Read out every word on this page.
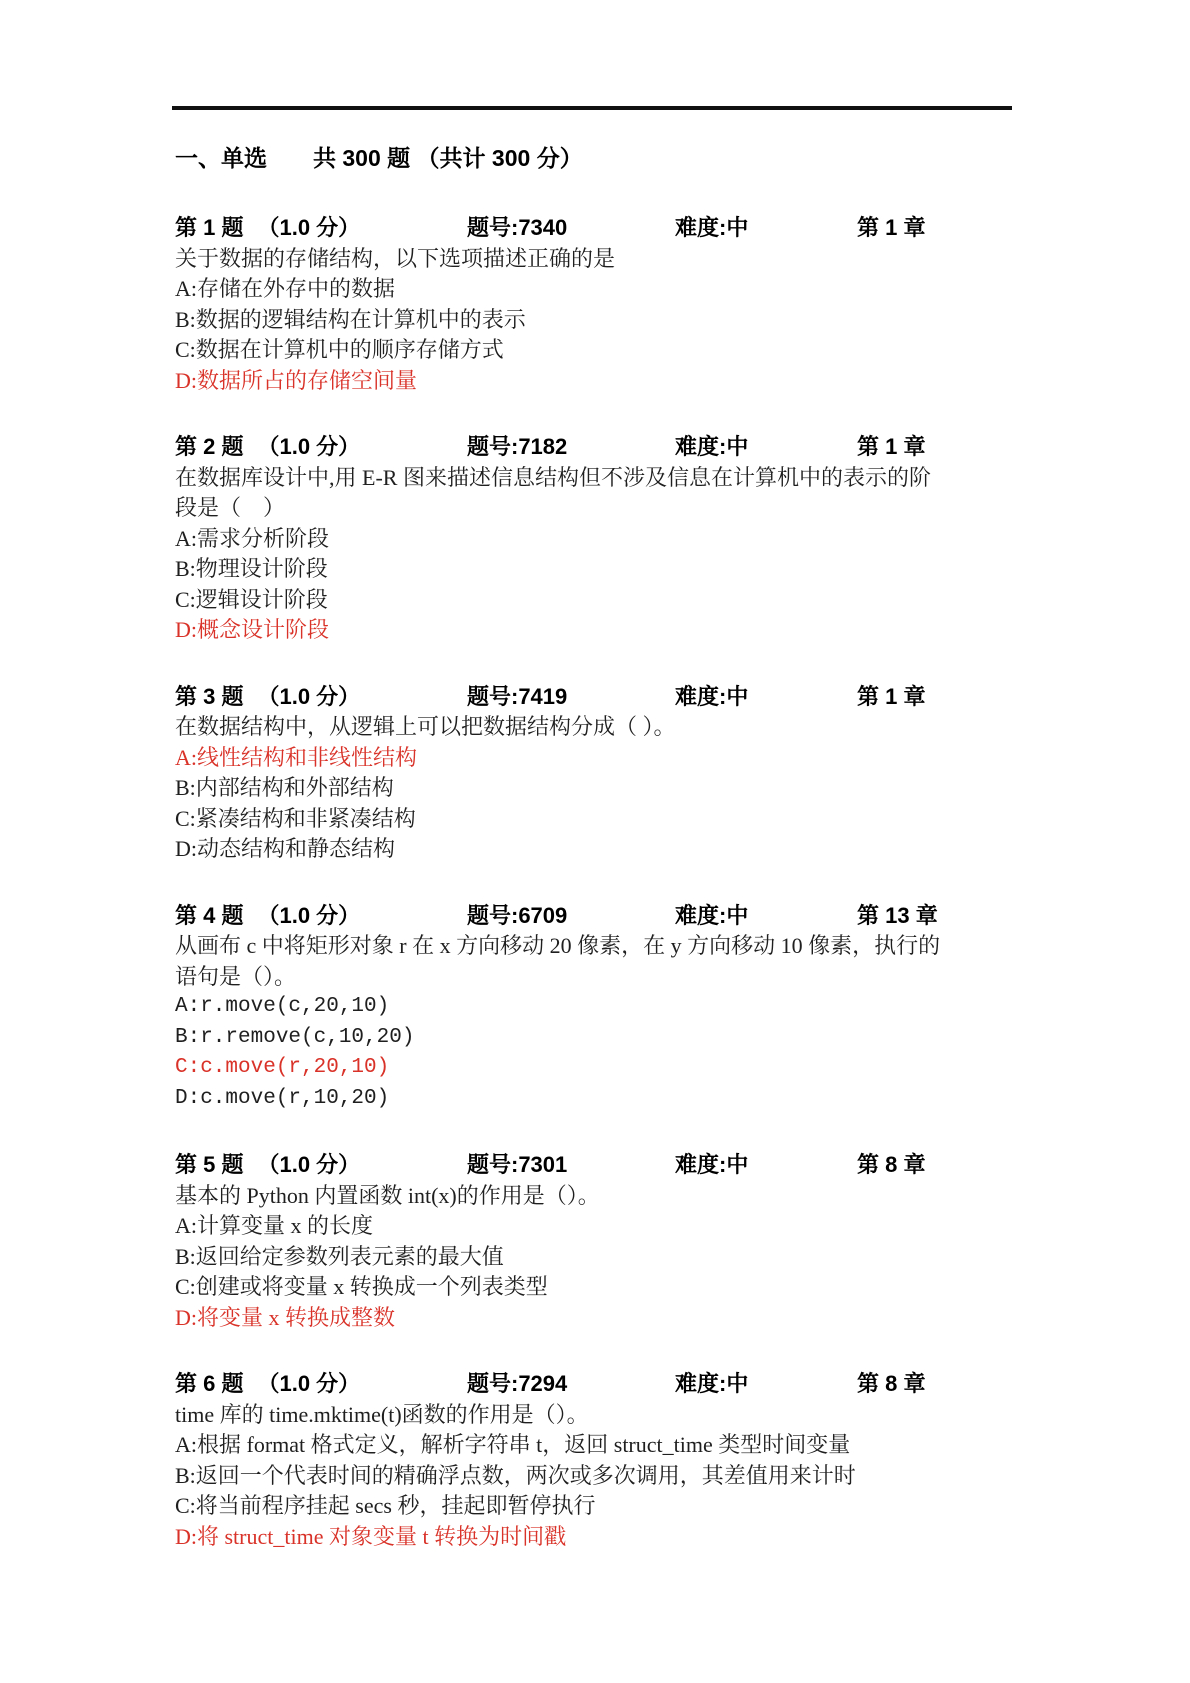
一、单选　　共 300 题 （共计 300 分）
第 1 题 （1.0 分）	题号:7340	难度:中	第 1 章
关于数据的存储结构，以下选项描述正确的是
A:存储在外存中的数据
B:数据的逻辑结构在计算机中的表示
C:数据在计算机中的顺序存储方式
D:数据所占的存储空间量
第 2 题 （1.0 分）	题号:7182	难度:中	第 1 章
在数据库设计中,用 E-R 图来描述信息结构但不涉及信息在计算机中的表示的阶
段是（　）
A:需求分析阶段
B:物理设计阶段
C:逻辑设计阶段
D:概念设计阶段
第 3 题 （1.0 分）	题号:7419	难度:中	第 1 章
在数据结构中，从逻辑上可以把数据结构分成（ ）。
A:线性结构和非线性结构
B:内部结构和外部结构
C:紧凑结构和非紧凑结构
D:动态结构和静态结构
第 4 题 （1.0 分）	题号:6709	难度:中	第 13 章
从画布 c 中将矩形对象 r 在 x 方向移动 20 像素，在 y 方向移动 10 像素，执行的
语句是（）。
A:r.move(c,20,10)
B:r.remove(c,10,20)
C:c.move(r,20,10)
D:c.move(r,10,20)
第 5 题 （1.0 分）	题号:7301	难度:中	第 8 章
基本的 Python 内置函数 int(x)的作用是（）。
A:计算变量 x 的长度
B:返回给定参数列表元素的最大值
C:创建或将变量 x 转换成一个列表类型
D:将变量 x 转换成整数
第 6 题 （1.0 分）	题号:7294	难度:中	第 8 章
time 库的 time.mktime(t)函数的作用是（）。
A:根据 format 格式定义，解析字符串 t，返回 struct_time 类型时间变量
B:返回一个代表时间的精确浮点数，两次或多次调用，其差值用来计时
C:将当前程序挂起 secs 秒，挂起即暂停执行
D:将 struct_time 对象变量 t 转换为时间戳
